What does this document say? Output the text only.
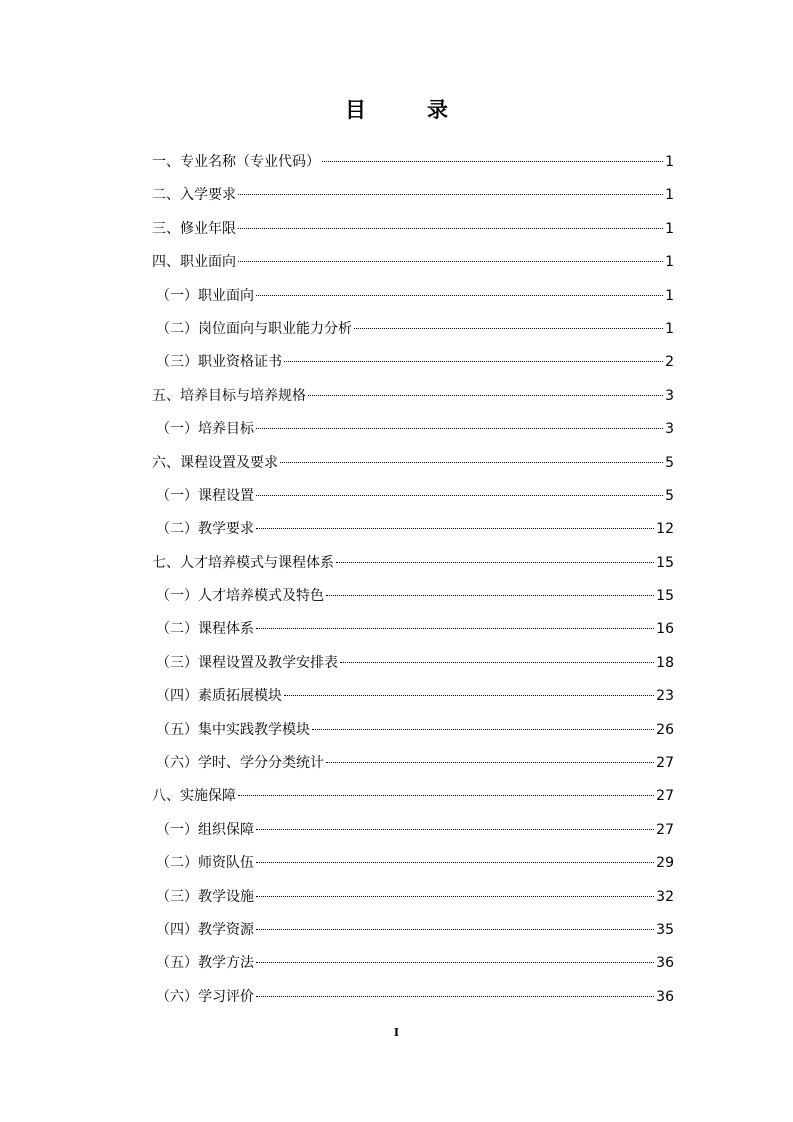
目　录
一、专业名称（专业代码）	1
二、入学要求	1
三、修业年限	1
四、职业面向	1
（一）职业面向	1
（二）岗位面向与职业能力分析	1
（三）职业资格证书	2
五、培养目标与培养规格	3
（一）培养目标	3
六、课程设置及要求	5
（一）课程设置	5
（二）教学要求	12
七、人才培养模式与课程体系	15
（一）人才培养模式及特色	15
（二）课程体系	16
（三）课程设置及教学安排表	18
（四）素质拓展模块	23
（五）集中实践教学模块	26
（六）学时、学分分类统计	27
八、实施保障	27
（一）组织保障	27
（二）师资队伍	29
（三）教学设施	32
（四）教学资源	35
（五）教学方法	36
（六）学习评价	36
I
